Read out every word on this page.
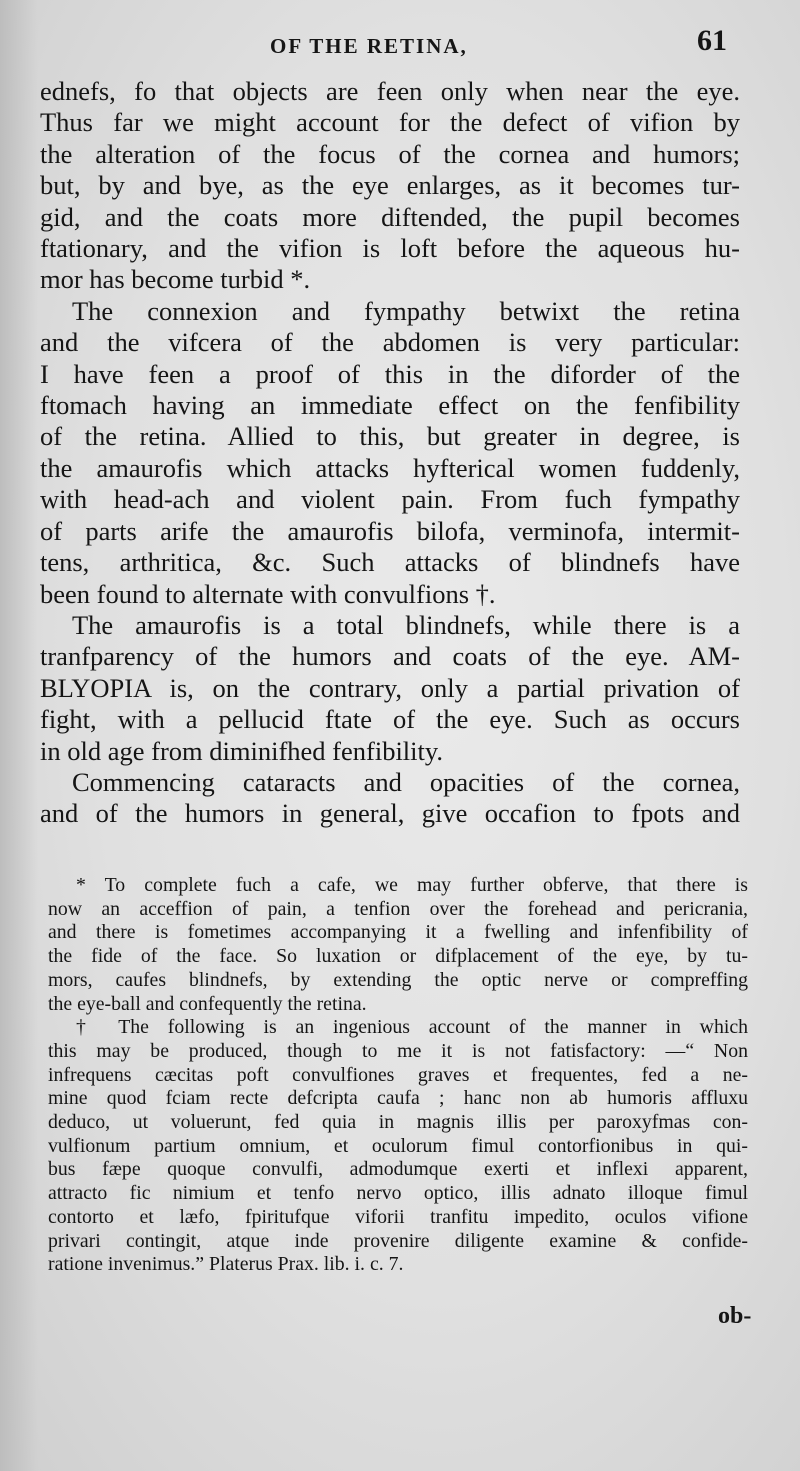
OF THE RETINA,	61

ednefs, fo that objects are feen only when near the eye.

Thus far we might account for the defect of vifion by

the alteration of the focus of the cornea and humors;

but, by and bye, as the eye enlarges, as it becomes tur-

gid, and the coats more diftended, the pupil becomes

ftationary, and the vifion is loft before the aqueous hu-

mor has become turbid *.

The connexion and fympathy betwixt the retina

and the vifcera of the abdomen is very particular:

I have feen a proof of this in the diforder of the

ftomach having an immediate effect on the fenfibility

of the retina. Allied to this, but greater in degree, is

the amaurofis which attacks hyfterical women fuddenly,

with head-ach and violent pain. From fuch fympathy

of parts arife the amaurofis bilofa, verminofa, intermit-

tens, arthritica, &c. Such attacks of blindnefs have

been found to alternate with convulfions †.

The amaurofis is a total blindnefs, while there is a

tranfparency of the humors and coats of the eye. AM-

BLYOPIA is, on the contrary, only a partial privation of

fight, with a pellucid ftate of the eye. Such as occurs

in old age from diminifhed fenfibility.

Commencing cataracts and opacities of the cornea,

and of the humors in general, give occafion to fpots and

* To complete fuch a cafe, we may further obferve, that there is

now an acceffion of pain, a tenfion over the forehead and pericrania,

and there is fometimes accompanying it a fwelling and infenfibility of

the fide of the face. So luxation or difplacement of the eye, by tu-

mors, caufes blindnefs, by extending the optic nerve or compreffing

the eye-ball and confequently the retina.

† The following is an ingenious account of the manner in which

this may be produced, though to me it is not fatisfactory: —“ Non

infrequens cæcitas poft convulfiones graves et frequentes, fed a ne-

mine quod fciam recte defcripta caufa ; hanc non ab humoris affluxu

deduco, ut voluerunt, fed quia in magnis illis per paroxyfmas con-

vulfionum partium omnium, et oculorum fimul contorfionibus in qui-

bus fæpe quoque convulfi, admodumque exerti et inflexi apparent,

attracto fic nimium et tenfo nervo optico, illis adnato illoque fimul

contorto et læfo, fpiritufque viforii tranfitu impedito, oculos vifione

privari contingit, atque inde provenire diligente examine & confide-

ratione invenimus.” Platerus Prax. lib. i. c. 7.

ob-
